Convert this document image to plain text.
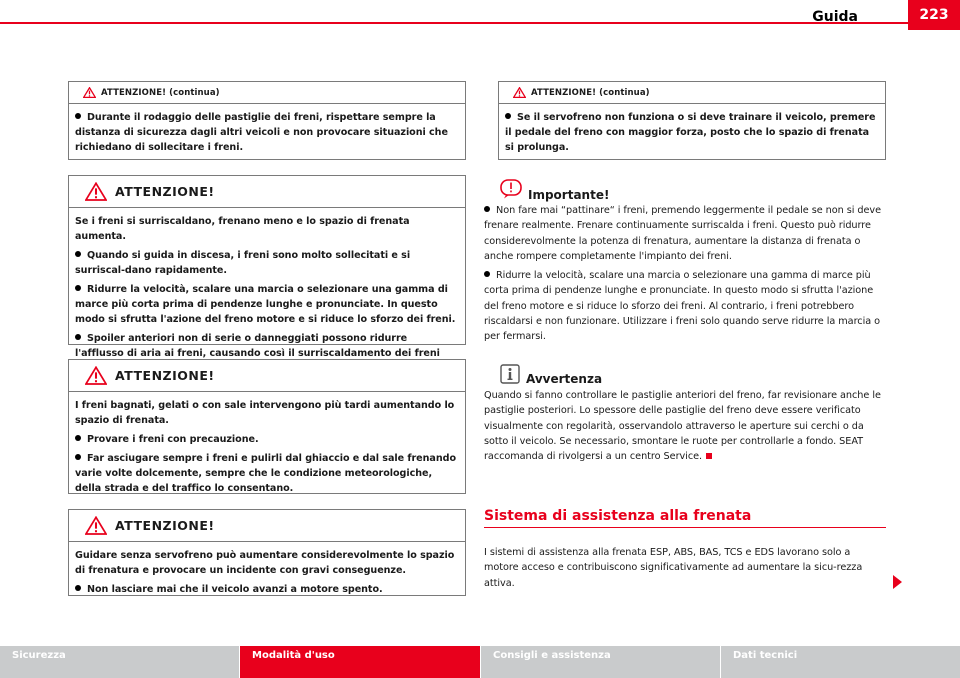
Guida	223
ATTENZIONE! (continua)

Durante il rodaggio delle pastiglie dei freni, rispettare sempre la distanza di sicurezza dagli altri veicoli e non provocare situazioni che richiedano di sollecitare i freni.

ATTENZIONE!

Se i freni si surriscaldano, frenano meno e lo spazio di frenata aumenta.

Quando si guida in discesa, i freni sono molto sollecitati e si surriscal-dano rapidamente.

Ridurre la velocità, scalare una marcia o selezionare una gamma di marce più corta prima di pendenze lunghe e pronunciate. In questo modo si sfrutta l'azione del freno motore e si riduce lo sforzo dei freni.

Spoiler anteriori non di serie o danneggiati possono ridurre l'afflusso di aria ai freni, causando così il surriscaldamento dei freni

ATTENZIONE!

I freni bagnati, gelati o con sale intervengono più tardi aumentando lo spazio di frenata.

Provare i freni con precauzione.

Far asciugare sempre i freni e pulirli dal ghiaccio e dal sale frenando varie volte dolcemente, sempre che le condizione meteorologiche, della strada e del traffico lo consentano.

ATTENZIONE!

Guidare senza servofreno può aumentare considerevolmente lo spazio di frenatura e provocare un incidente con gravi conseguenze.

Non lasciare mai che il veicolo avanzi a motore spento.

ATTENZIONE! (continua)

Se il servofreno non funziona o si deve trainare il veicolo, premere il pedale del freno con maggior forza, posto che lo spazio di frenata si prolunga.

Importante!

Non fare mai “pattinare“ i freni, premendo leggermente il pedale se non si deve frenare realmente. Frenare continuamente surriscalda i freni. Questo può ridurre considerevolmente la potenza di frenatura, aumentare la distanza di frenata o anche rompere completamente l'impianto dei freni.

Ridurre la velocità, scalare una marcia o selezionare una gamma di marce più corta prima di pendenze lunghe e pronunciate. In questo modo si sfrutta l'azione del freno motore e si riduce lo sforzo dei freni. Al contrario, i freni potrebbero riscaldarsi e non funzionare. Utilizzare i freni solo quando serve ridurre la marcia o per fermarsi.

Avvertenza

Quando si fanno controllare le pastiglie anteriori del freno, far revisionare anche le pastiglie posteriori. Lo spessore delle pastiglie del freno deve essere verificato visualmente con regolarità, osservandolo attraverso le aperture sui cerchi o da sotto il veicolo. Se necessario, smontare le ruote per controllarle a fondo. SEAT raccomanda di rivolgersi a un centro Service.

Sistema di assistenza alla frenata

I sistemi di assistenza alla frenata ESP, ABS, BAS, TCS e EDS lavorano solo a motore acceso e contribuiscono significativamente ad aumentare la sicu-rezza attiva.

Sicurezza	Modalità d'uso	Consigli e assistenza	Dati tecnici
